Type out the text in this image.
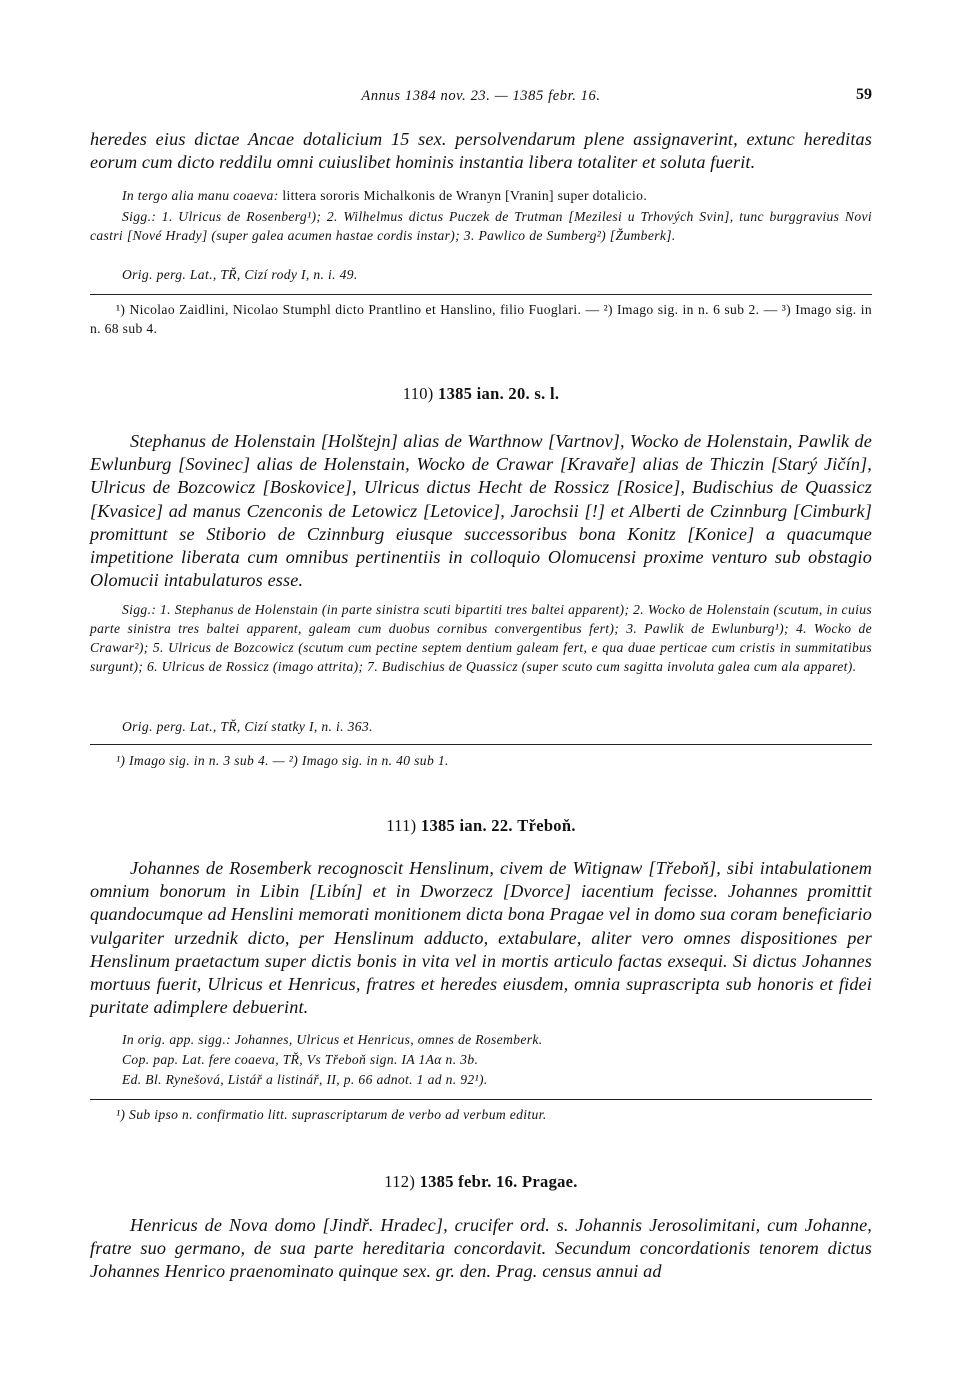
Annus 1384 nov. 23. — 1385 febr. 16.	59

heredes eius dictae Ancae dotalicium 15 sex. persolvendarum plene assignaverint, extunc hereditas eorum cum dicto reddilu omni cuiuslibet hominis instantia libera totaliter et soluta fuerit.

In tergo alia manu coaeva: littera sororis Michalkonis de Wranyn [Vranin] super dotalicio.

Sigg.: 1. Ulricus de Rosenberg¹); 2. Wilhelmus dictus Puczek de Trutman [Mezilesi u Trhových Svin], tunc burggravius Novi castri [Nové Hrady] (super galea acumen hastae cordis instar); 3. Pawlico de Sumberg²) [Žumberk].

Orig. perg. Lat., TŘ, Cizí rody I, n. i. 49.

¹) Nicolao Zaidlini, Nicolao Stumphl dicto Prantlino et Hanslino, filio Fuoglari. — ²) Imago sig. in n. 6 sub 2. — ³) Imago sig. in n. 68 sub 4.

110) 1385 ian. 20. s. l.

Stephanus de Holenstain [Holštejn] alias de Warthnow [Vartnov], Wocko de Holenstain, Pawlik de Ewlunburg [Sovinec] alias de Holenstain, Wocko de Crawar [Kravaře] alias de Thiczin [Starý Jičín], Ulricus de Bozcowicz [Boskovice], Ulricus dictus Hecht de Rossicz [Rosice], Budischius de Quassicz [Kvasice] ad manus Czenconis de Letowicz [Letovice], Jarochsii [!] et Alberti de Czinnburg [Cimburk] promittunt se Stiborio de Czinnburg eiusque successoribus bona Konitz [Konice] a quacumque impetitione liberata cum omnibus pertinentiis in colloquio Olomucensi proxime venturo sub obstagio Olomucii intabulaturos esse.

Sigg.: 1. Stephanus de Holenstain (in parte sinistra scuti bipartiti tres baltei apparent); 2. Wocko de Holenstain (scutum, in cuius parte sinistra tres baltei apparent, galeam cum duobus cornibus convergentibus fert); 3. Pawlik de Ewlunburg¹); 4. Wocko de Crawar²); 5. Ulricus de Bozcowicz (scutum cum pectine septem dentium galeam fert, e qua duae perticae cum cristis in summitatibus surgunt); 6. Ulricus de Rossicz (imago attrita); 7. Budischius de Quassicz (super scuto cum sagitta involuta galea cum ala apparet).

Orig. perg. Lat., TŘ, Cizí statky I, n. i. 363.

¹) Imago sig. in n. 3 sub 4. — ²) Imago sig. in n. 40 sub 1.

111) 1385 ian. 22. Třeboň.

Johannes de Rosemberk recognoscit Henslinum, civem de Witignaw [Třeboň], sibi intabulationem omnium bonorum in Libin [Libín] et in Dworzecz [Dvorce] iacentium fecisse. Johannes promittit quandocumque ad Henslini memorati monitionem dicta bona Pragae vel in domo sua coram beneficiario vulgariter urzednik dicto, per Henslinum adducto, extabulare, aliter vero omnes dispositiones per Henslinum praetactum super dictis bonis in vita vel in mortis articulo factas exsequi. Si dictus Johannes mortuus fuerit, Ulricus et Henricus, fratres et heredes eiusdem, omnia suprascripta sub honoris et fidei puritate adimplere debuerint.

In orig. app. sigg.: Johannes, Ulricus et Henricus, omnes de Rosemberk.

Cop. pap. Lat. fere coaeva, TŘ, Vs Třeboň sign. IA 1Aα n. 3b.

Ed. Bl. Rynešová, Listář a listinář, II, p. 66 adnot. 1 ad n. 92¹).

¹) Sub ipso n. confirmatio litt. suprascriptarum de verbo ad verbum editur.

112) 1385 febr. 16. Pragae.

Henricus de Nova domo [Jindř. Hradec], crucifer ord. s. Johannis Jerosolimitani, cum Johanne, fratre suo germano, de sua parte hereditaria concordavit. Secundum concordationis tenorem dictus Johannes Henrico praenominato quinque sex. gr. den. Prag. census annui ad
